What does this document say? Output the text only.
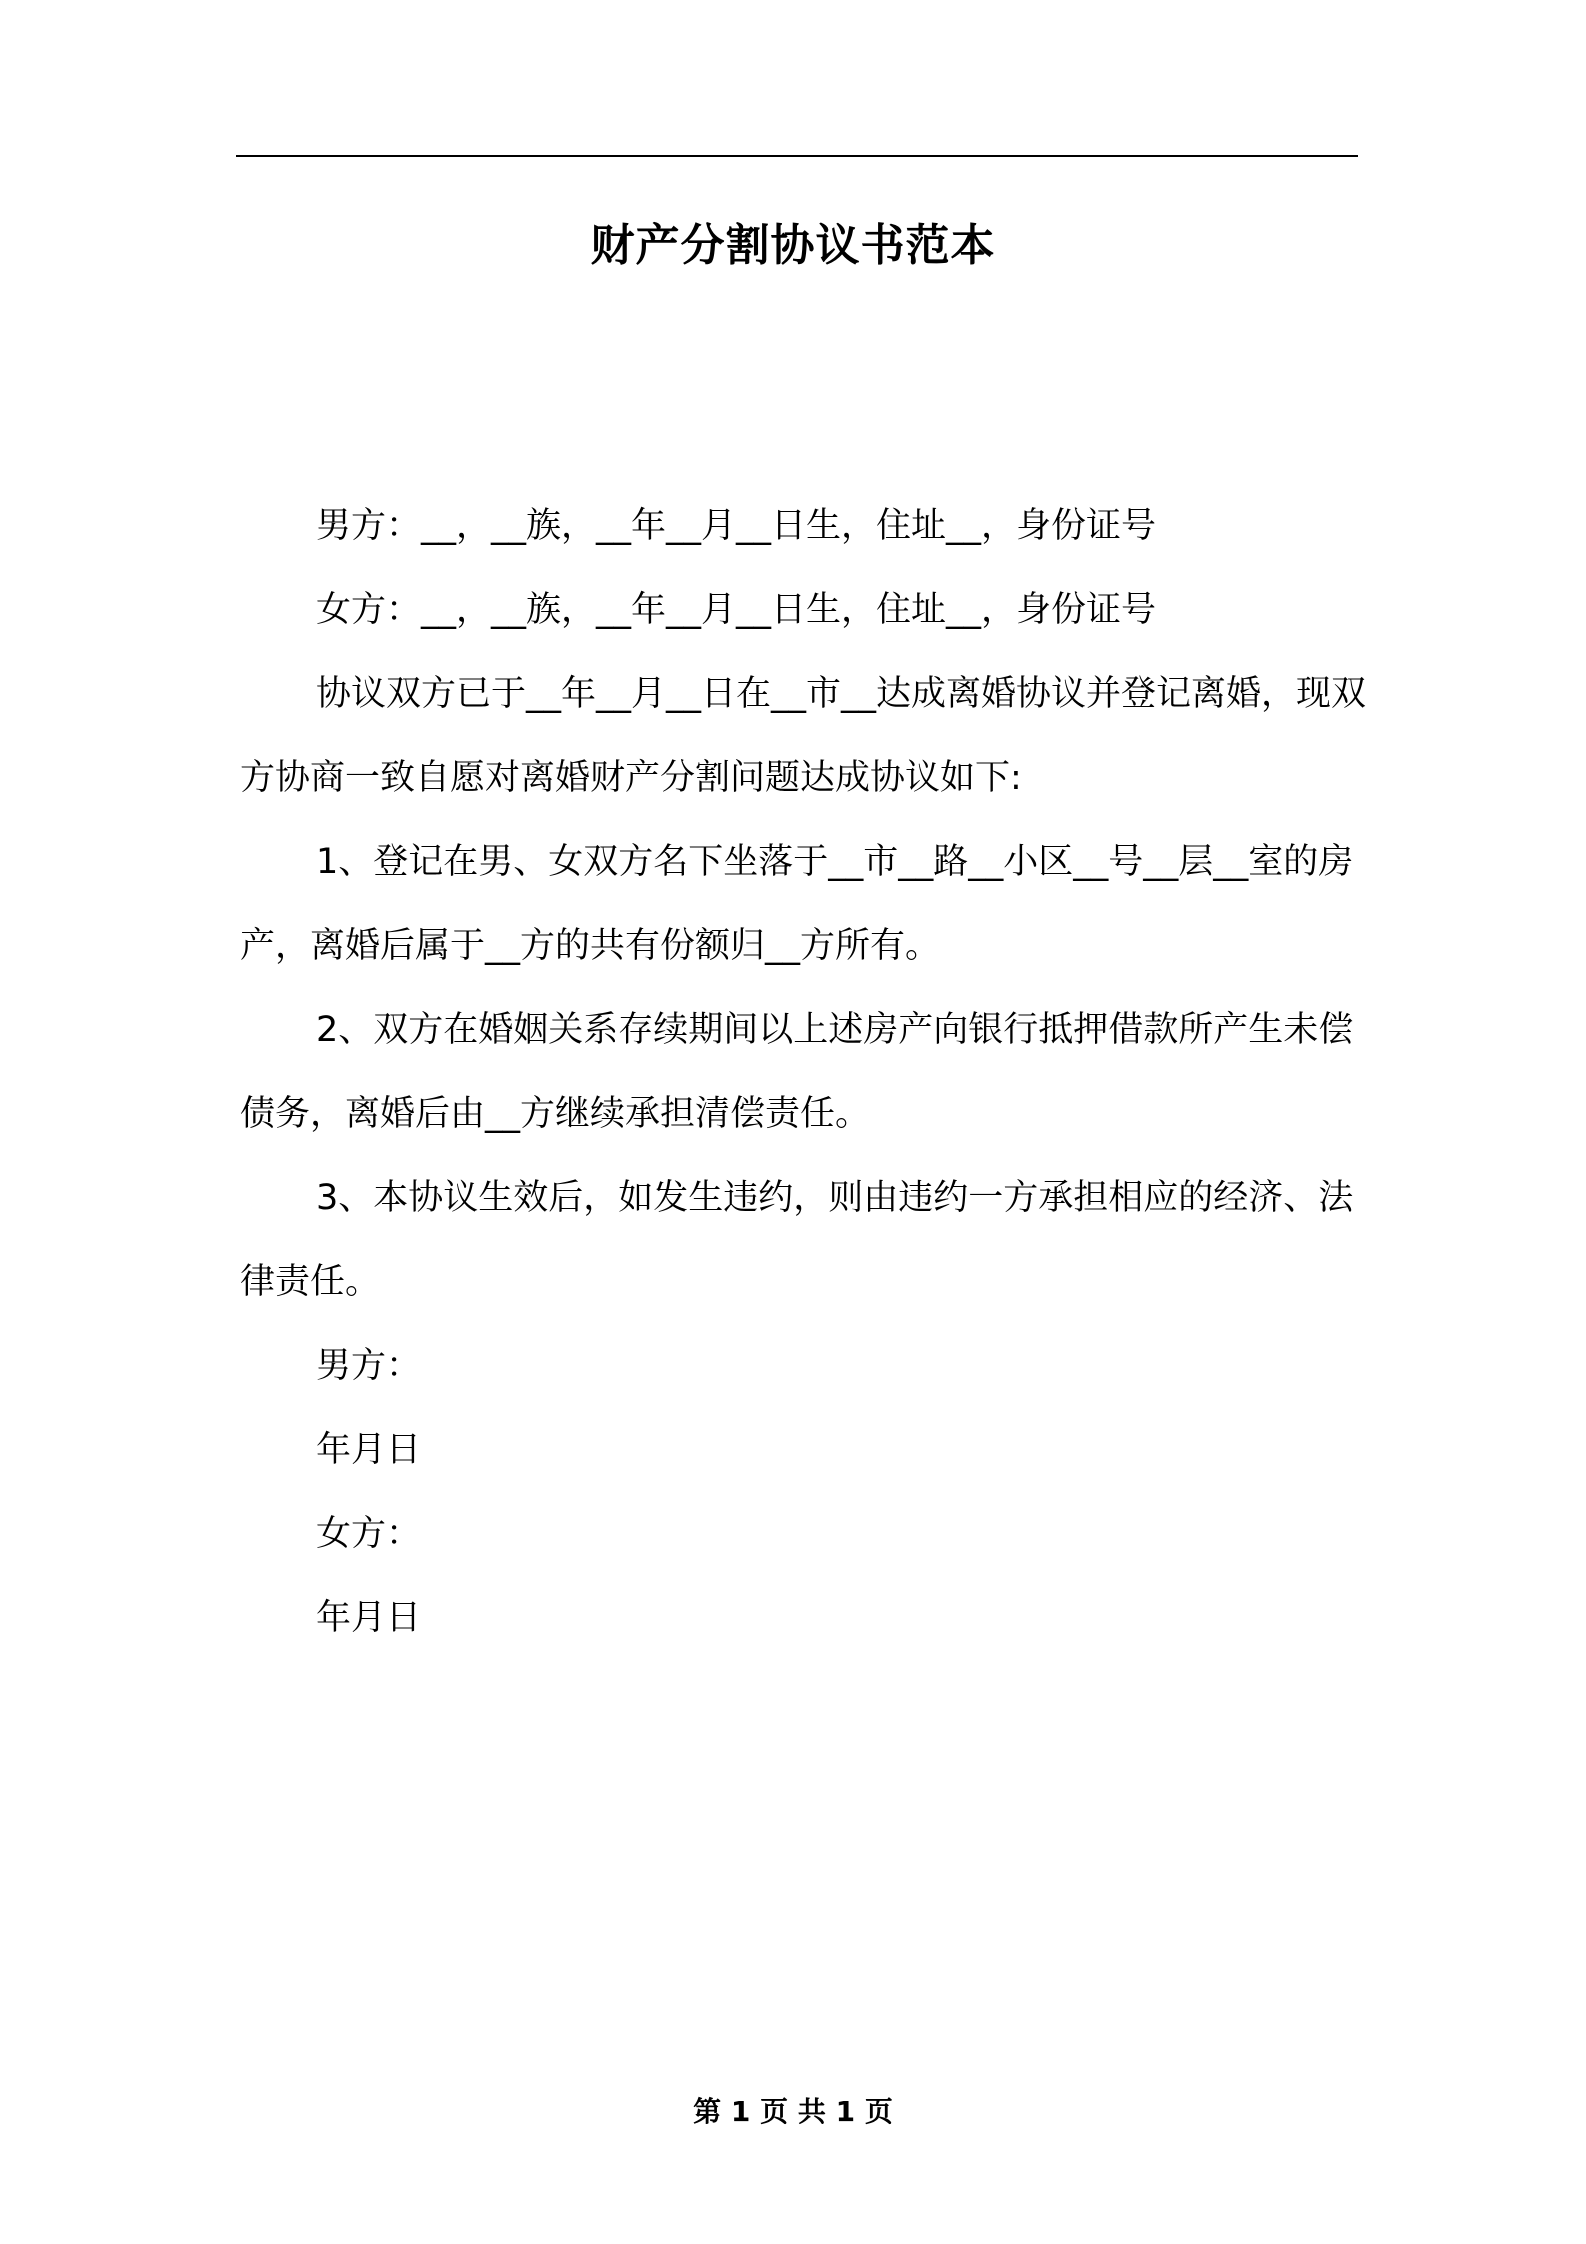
财产分割协议书范本

男方：__，__族，__年__月__日生，住址__，身份证号

女方：__，__族，__年__月__日生，住址__，身份证号

协议双方已于__年__月__日在__市__达成离婚协议并登记离婚，现双方协商一致自愿对离婚财产分割问题达成协议如下:

1、登记在男、女双方名下坐落于__市__路__小区__号__层__室的房产，离婚后属于__方的共有份额归__方所有。

2、双方在婚姻关系存续期间以上述房产向银行抵押借款所产生未偿债务，离婚后由__方继续承担清偿责任。

3、本协议生效后，如发生违约，则由违约一方承担相应的经济、法律责任。

男方：

年月日

女方：

年月日

第 1 页 共 1 页
